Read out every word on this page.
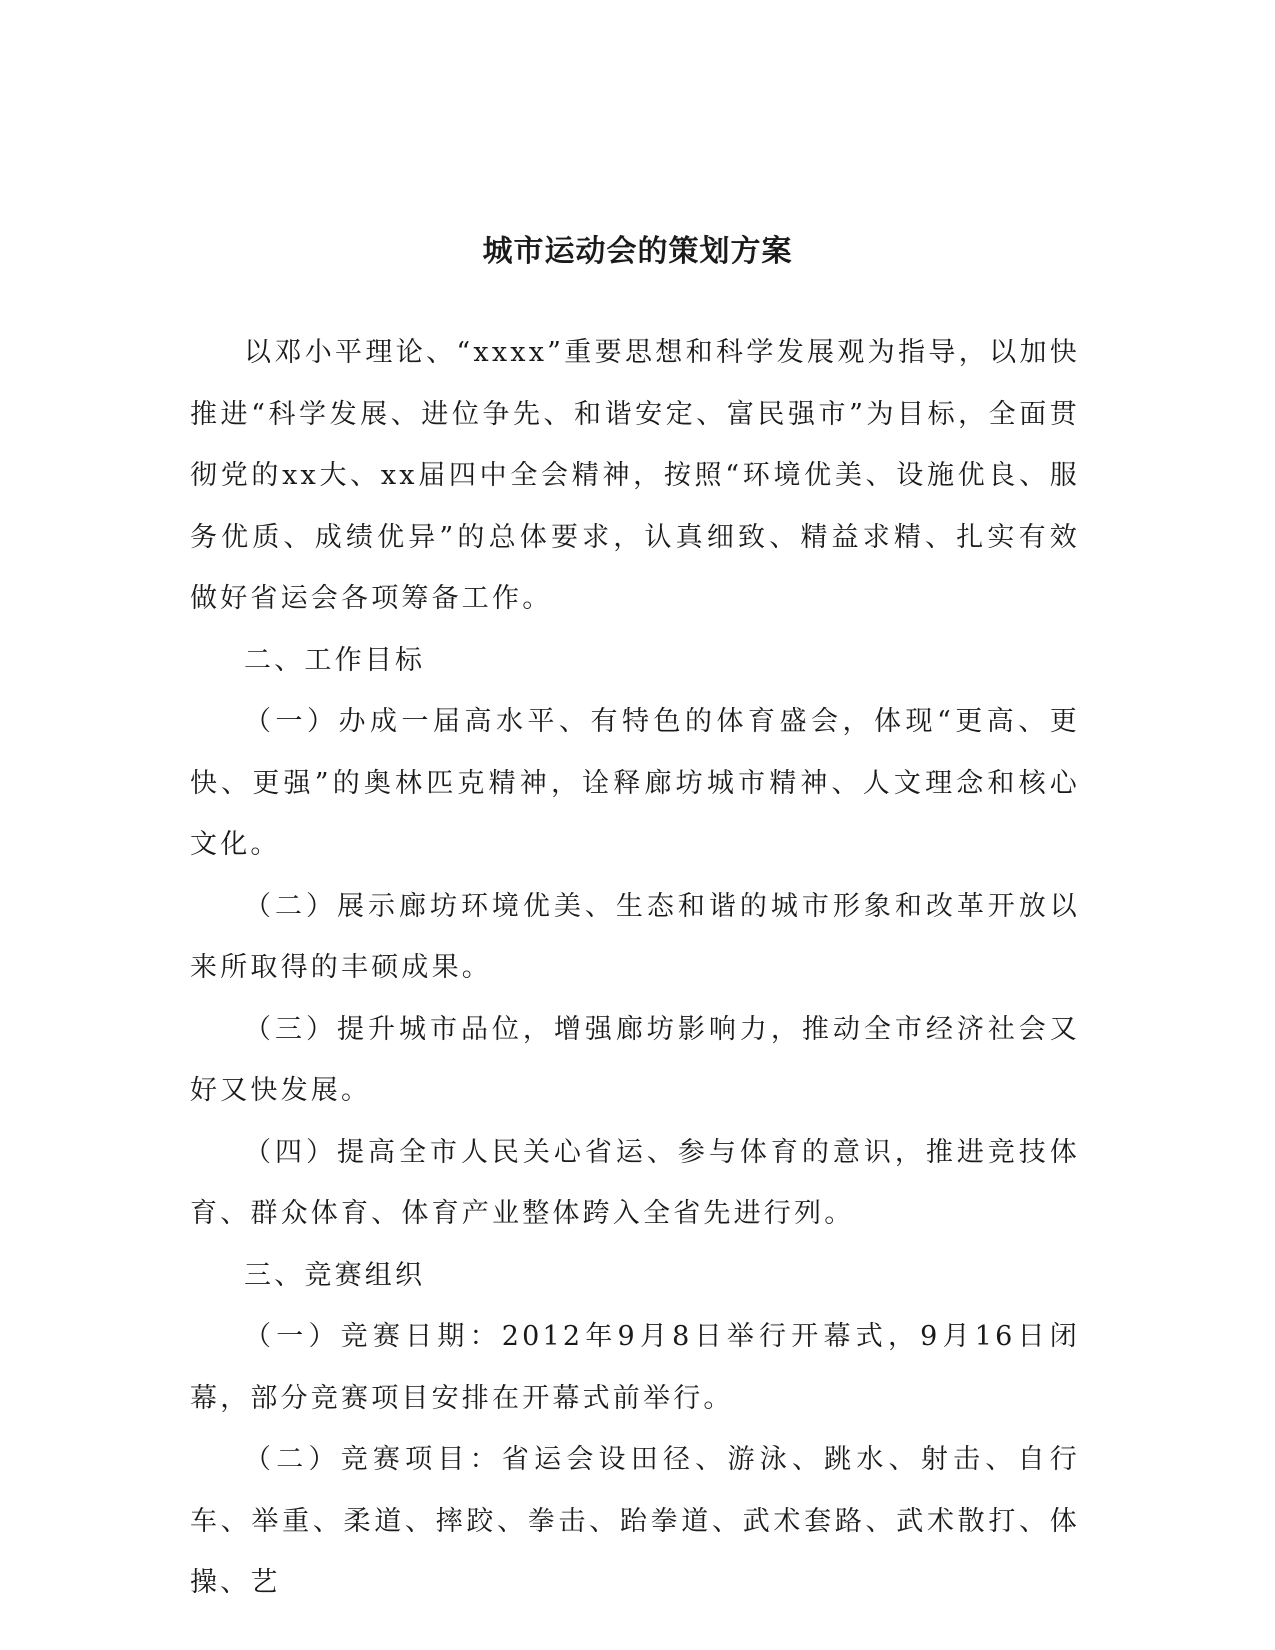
城市运动会的策划方案

以邓小平理论、“xxxx”重要思想和科学发展观为指导，以加快推进“科学发展、进位争先、和谐安定、富民强市”为目标，全面贯彻党的xx大、xx届四中全会精神，按照“环境优美、设施优良、服务优质、成绩优异”的总体要求，认真细致、精益求精、扎实有效做好省运会各项筹备工作。

二、工作目标

（一）办成一届高水平、有特色的体育盛会，体现“更高、更快、更强”的奥林匹克精神，诠释廊坊城市精神、人文理念和核心文化。

（二）展示廊坊环境优美、生态和谐的城市形象和改革开放以来所取得的丰硕成果。

（三）提升城市品位，增强廊坊影响力，推动全市经济社会又好又快发展。

（四）提高全市人民关心省运、参与体育的意识，推进竞技体育、群众体育、体育产业整体跨入全省先进行列。

三、竞赛组织

（一）竞赛日期：2012年9月8日举行开幕式，9月16日闭幕，部分竞赛项目安排在开幕式前举行。

（二）竞赛项目：省运会设田径、游泳、跳水、射击、自行车、举重、柔道、摔跤、拳击、跆拳道、武术套路、武术散打、体操、艺
